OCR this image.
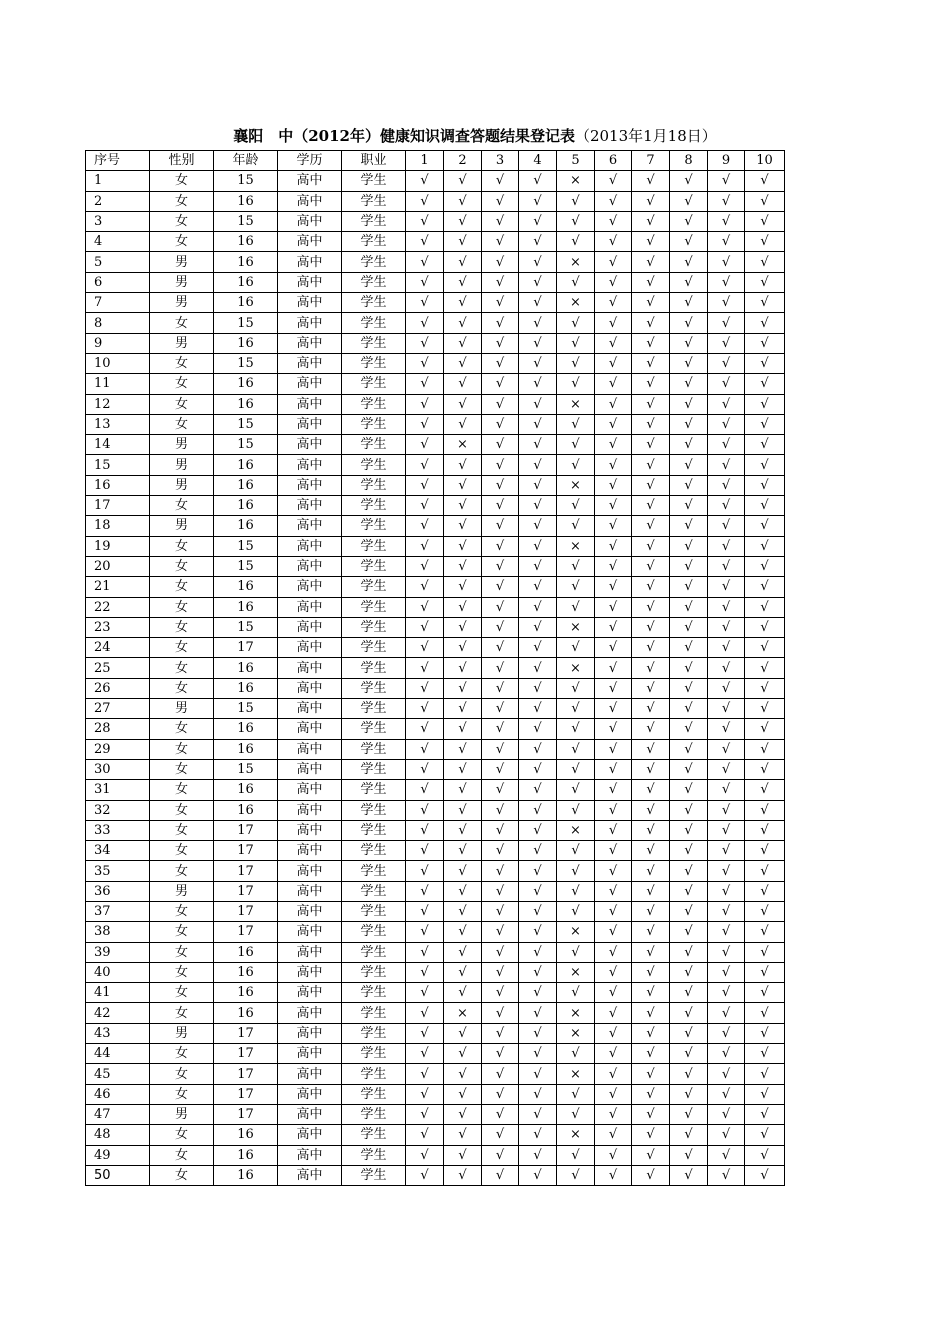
襄阳　中（2012年）健康知识调查答题结果登记表（2013年1月18日）
序号	性别	年龄	学历	职业	1	2	3	4	5	6	7	8	9	10
1	女	15	高中	学生	√	√	√	√	×	√	√	√	√	√
2	女	16	高中	学生	√	√	√	√	√	√	√	√	√	√
3	女	15	高中	学生	√	√	√	√	√	√	√	√	√	√
4	女	16	高中	学生	√	√	√	√	√	√	√	√	√	√
5	男	16	高中	学生	√	√	√	√	×	√	√	√	√	√
6	男	16	高中	学生	√	√	√	√	√	√	√	√	√	√
7	男	16	高中	学生	√	√	√	√	×	√	√	√	√	√
8	女	15	高中	学生	√	√	√	√	√	√	√	√	√	√
9	男	16	高中	学生	√	√	√	√	√	√	√	√	√	√
10	女	15	高中	学生	√	√	√	√	√	√	√	√	√	√
11	女	16	高中	学生	√	√	√	√	√	√	√	√	√	√
12	女	16	高中	学生	√	√	√	√	×	√	√	√	√	√
13	女	15	高中	学生	√	√	√	√	√	√	√	√	√	√
14	男	15	高中	学生	√	×	√	√	√	√	√	√	√	√
15	男	16	高中	学生	√	√	√	√	√	√	√	√	√	√
16	男	16	高中	学生	√	√	√	√	×	√	√	√	√	√
17	女	16	高中	学生	√	√	√	√	√	√	√	√	√	√
18	男	16	高中	学生	√	√	√	√	√	√	√	√	√	√
19	女	15	高中	学生	√	√	√	√	×	√	√	√	√	√
20	女	15	高中	学生	√	√	√	√	√	√	√	√	√	√
21	女	16	高中	学生	√	√	√	√	√	√	√	√	√	√
22	女	16	高中	学生	√	√	√	√	√	√	√	√	√	√
23	女	15	高中	学生	√	√	√	√	×	√	√	√	√	√
24	女	17	高中	学生	√	√	√	√	√	√	√	√	√	√
25	女	16	高中	学生	√	√	√	√	×	√	√	√	√	√
26	女	16	高中	学生	√	√	√	√	√	√	√	√	√	√
27	男	15	高中	学生	√	√	√	√	√	√	√	√	√	√
28	女	16	高中	学生	√	√	√	√	√	√	√	√	√	√
29	女	16	高中	学生	√	√	√	√	√	√	√	√	√	√
30	女	15	高中	学生	√	√	√	√	√	√	√	√	√	√
31	女	16	高中	学生	√	√	√	√	√	√	√	√	√	√
32	女	16	高中	学生	√	√	√	√	√	√	√	√	√	√
33	女	17	高中	学生	√	√	√	√	×	√	√	√	√	√
34	女	17	高中	学生	√	√	√	√	√	√	√	√	√	√
35	女	17	高中	学生	√	√	√	√	√	√	√	√	√	√
36	男	17	高中	学生	√	√	√	√	√	√	√	√	√	√
37	女	17	高中	学生	√	√	√	√	√	√	√	√	√	√
38	女	17	高中	学生	√	√	√	√	×	√	√	√	√	√
39	女	16	高中	学生	√	√	√	√	√	√	√	√	√	√
40	女	16	高中	学生	√	√	√	√	×	√	√	√	√	√
41	女	16	高中	学生	√	√	√	√	√	√	√	√	√	√
42	女	16	高中	学生	√	×	√	√	×	√	√	√	√	√
43	男	17	高中	学生	√	√	√	√	×	√	√	√	√	√
44	女	17	高中	学生	√	√	√	√	√	√	√	√	√	√
45	女	17	高中	学生	√	√	√	√	×	√	√	√	√	√
46	女	17	高中	学生	√	√	√	√	√	√	√	√	√	√
47	男	17	高中	学生	√	√	√	√	√	√	√	√	√	√
48	女	16	高中	学生	√	√	√	√	×	√	√	√	√	√
49	女	16	高中	学生	√	√	√	√	√	√	√	√	√	√
50	女	16	高中	学生	√	√	√	√	√	√	√	√	√	√
